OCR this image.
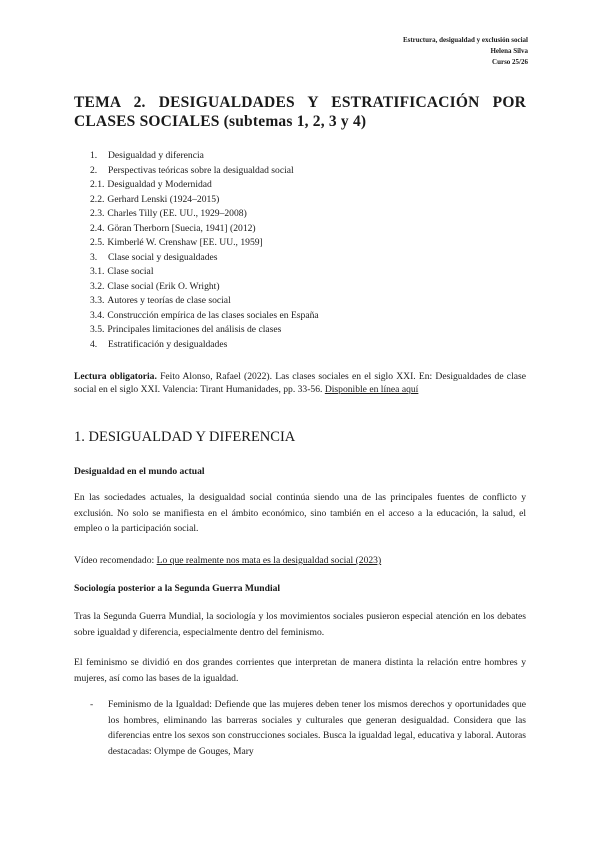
Estructura, desigualdad y exclusión social
Helena Silva
Curso 25/26
TEMA 2. DESIGUALDADES Y ESTRATIFICACIÓN POR CLASES SOCIALES (subtemas 1, 2, 3 y 4)
1. Desigualdad y diferencia
2. Perspectivas teóricas sobre la desigualdad social
2.1. Desigualdad y Modernidad
2.2. Gerhard Lenski (1924–2015)
2.3. Charles Tilly (EE. UU., 1929–2008)
2.4. Göran Therborn [Suecia, 1941] (2012)
2.5. Kimberlé W. Crenshaw [EE. UU., 1959]
3. Clase social y desigualdades
3.1. Clase social
3.2. Clase social (Erik O. Wright)
3.3. Autores y teorías de clase social
3.4. Construcción empírica de las clases sociales en España
3.5. Principales limitaciones del análisis de clases
4. Estratificación y desigualdades
Lectura obligatoria. Feito Alonso, Rafael (2022). Las clases sociales en el siglo XXI. En: Desigualdades de clase social en el siglo XXI. Valencia: Tirant Humanidades, pp. 33-56. Disponible en línea aquí
1. DESIGUALDAD Y DIFERENCIA
Desigualdad en el mundo actual
En las sociedades actuales, la desigualdad social continúa siendo una de las principales fuentes de conflicto y exclusión. No solo se manifiesta en el ámbito económico, sino también en el acceso a la educación, la salud, el empleo o la participación social.
Vídeo recomendado: Lo que realmente nos mata es la desigualdad social (2023)
Sociología posterior a la Segunda Guerra Mundial
Tras la Segunda Guerra Mundial, la sociología y los movimientos sociales pusieron especial atención en los debates sobre igualdad y diferencia, especialmente dentro del feminismo.
El feminismo se dividió en dos grandes corrientes que interpretan de manera distinta la relación entre hombres y mujeres, así como las bases de la igualdad.
- Feminismo de la Igualdad: Defiende que las mujeres deben tener los mismos derechos y oportunidades que los hombres, eliminando las barreras sociales y culturales que generan desigualdad. Considera que las diferencias entre los sexos son construcciones sociales. Busca la igualdad legal, educativa y laboral. Autoras destacadas: Olympe de Gouges, Mary
